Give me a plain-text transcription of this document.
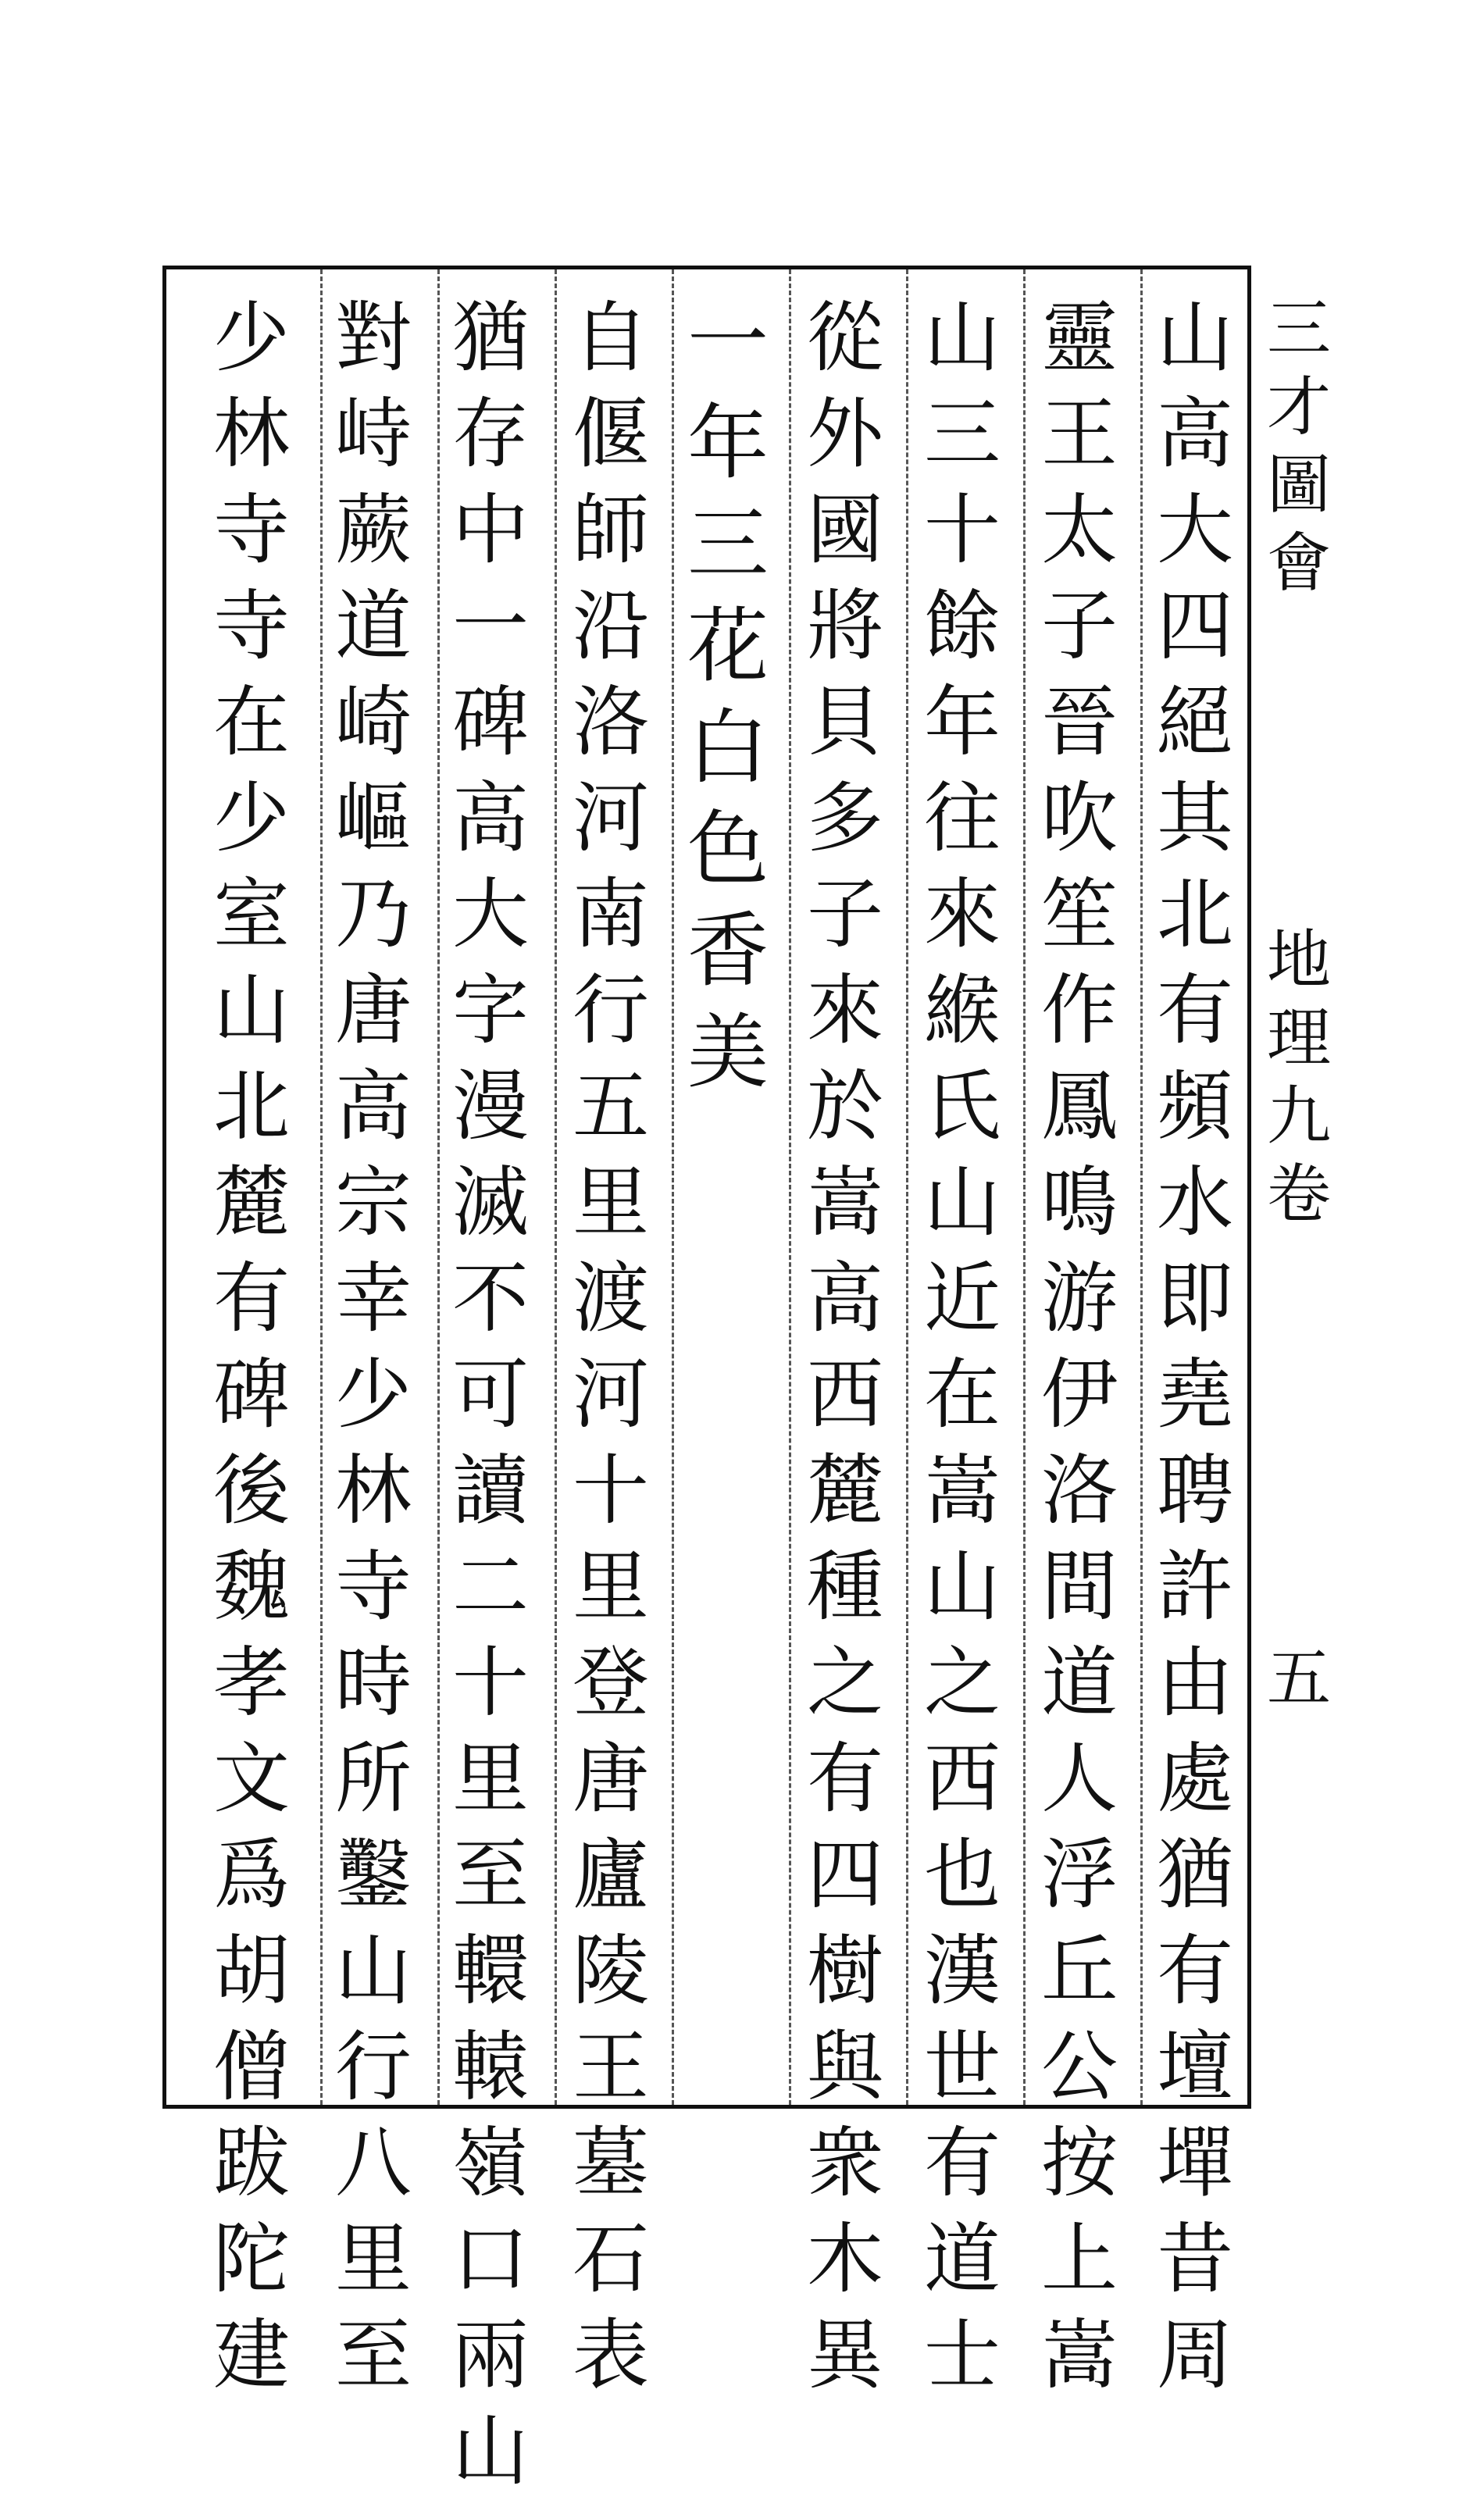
三
才
圖
會
地
理
九
卷
五
山
高
大
四
絕
其
北
有
頻
水
即
堯
聘
許
由
處
猶
有
壇
墠
昔
周
靈
王
太
子
晉
吹
笙
作
鳳
鳴
游
伊
洛
間
道
人
浮
丘
公
按
上
嵩
山
三
十
餘
年
往
來
緱
氏
山
近
在
嵩
山
之
西
也
漢
世
有
道
士
從
外
國
將
貝
多
子
來
於
嵩
高
西
麓
種
之
有
四
樹
與
衆
木
異
一
年
三
花
白
色
香
美
自
偃
師
沿
洛
河
南
行
五
里
渡
河
十
里
登
唐
廬
陵
王
墓
石
表
猶
存
中
一
碑
高
大
字
漫
滅
不
可
讀
二
十
里
至
轘
轅
嶺
口
兩
山
對
峙
蕨
道
崎
嶇
乃
唐
高
宗
幸
少
林
寺
時
所
鑿
山
行
八
里
至
少
林
寺
寺
在
少
室
山
北
麓
有
碑
後
魏
孝
文
爲
胡
僧
跋
陀
建
